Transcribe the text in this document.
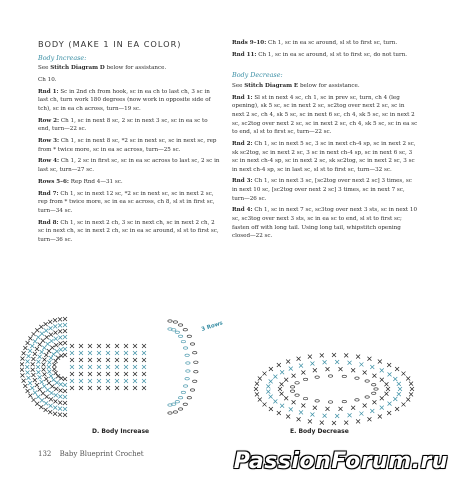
BODY (MAKE 1 IN EA COLOR)
Body Increase:

See Stitch Diagram D below for assistance.

Ch 10.

Rnd 1: Sc in 2nd ch from hook, sc in ea ch to last ch, 3 sc in last ch, turn work 180 degrees (now work in opposite side of tch), sc in ea ch across, turn—19 sc.

Row 2: Ch 1, sc in next 8 sc, 2 sc in next 3 sc, sc in ea sc to end, turn—22 sc.

Row 3: Ch 1, sc in next 8 sc, *2 sc in next sc, sc in next sc, rep from * twice more, sc in ea sc across, turn—25 sc.

Row 4: Ch 1, 2 sc in first sc, sc in ea sc across to last sc, 2 sc in last sc, turn—27 sc.

Rows 5–6: Rep Rnd 4—31 sc.

Rnd 7: Ch 1, sc in next 12 sc, *2 sc in next sc, sc in next 2 sc, rep from * twice more, sc in ea sc across, ch 8, sl st in first sc, turn—34 sc.

Rnd 8: Ch 1, sc in next 2 ch, 3 sc in next ch, sc in next 2 ch, 2 sc in next ch, sc in next 2 ch, sc in ea sc around, sl st to first sc, turn—36 sc.

Rnds 9–10: Ch 1, sc in ea sc around, sl st to first sc, turn.

Rnd 11: Ch 1, sc in ea sc around, sl st to first sc, do not turn.

Body Decrease:

See Stitch Diagram E below for assistance.

Rnd 1: Sl st in next 4 sc, ch 1, sc in prev sc, turn, ch 4 (leg opening), sk 5 sc, sc in next 2 sc, sc2tog over next 2 sc, sc in next 2 sc, ch 4, sk 5 sc, sc in next 6 sc, ch 4, sk 5 sc, sc in next 2 sc, sc2tog over next 2 sc, sc in next 2 sc, ch 4, sk 5 sc, sc in ea sc to end, sl st to first sc, turn—22 sc.

Rnd 2: Ch 1, sc in next 5 sc, 3 sc in next ch-4 sp, sc in next 2 sc, sk sc2tog, sc in next 2 sc, 3 sc in next ch-4 sp, sc in next 6 sc, 3 sc in next ch-4 sp, sc in next 2 sc, sk sc2tog, sc in next 2 sc, 3 sc in next ch-4 sp, sc in last sc, sl st to first sc, turn—32 sc.

Rnd 3: Ch 1, sc in next 3 sc, [sc2tog over next 2 sc] 3 times, sc in next 10 sc, [sc2tog over next 2 sc] 3 times, sc in next 7 sc, turn—26 sc.

Rnd 4: Ch 1, sc in next 7 sc, sc3tog over next 3 sts, sc in next 10 sc, sc3tog over next 3 sts, sc in ea sc to end, sl st to first sc; fasten off with long tail. Using long tail, whipstitch opening closed—22 sc.

3 Rows
D. Body Increase	E. Body Decrease
132 Baby Blueprint Crochet	PassionForum.ru
